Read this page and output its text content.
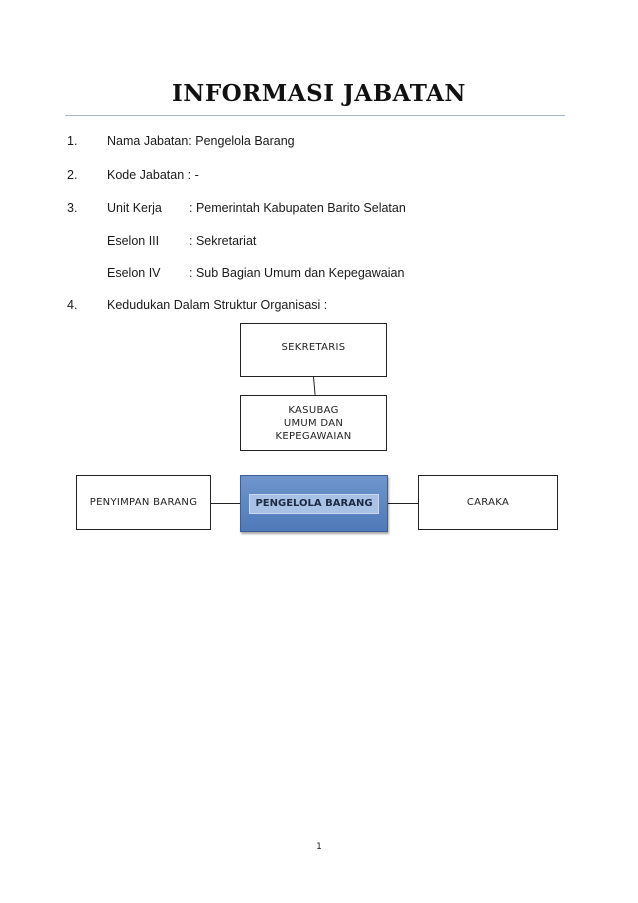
INFORMASI JABATAN
1. Nama Jabatan: Pengelola Barang
2. Kode Jabatan : -
3. Unit Kerja : Pemerintah Kabupaten Barito Selatan
Eselon III : Sekretariat
Eselon IV : Sub Bagian Umum dan Kepegawaian
4. Kedudukan Dalam Struktur Organisasi :
SEKRETARIS
KASUBAG
UMUM DAN
KEPEGAWAIAN
PENYIMPAN BARANG	PENGELOLA BARANG	CARAKA
1
